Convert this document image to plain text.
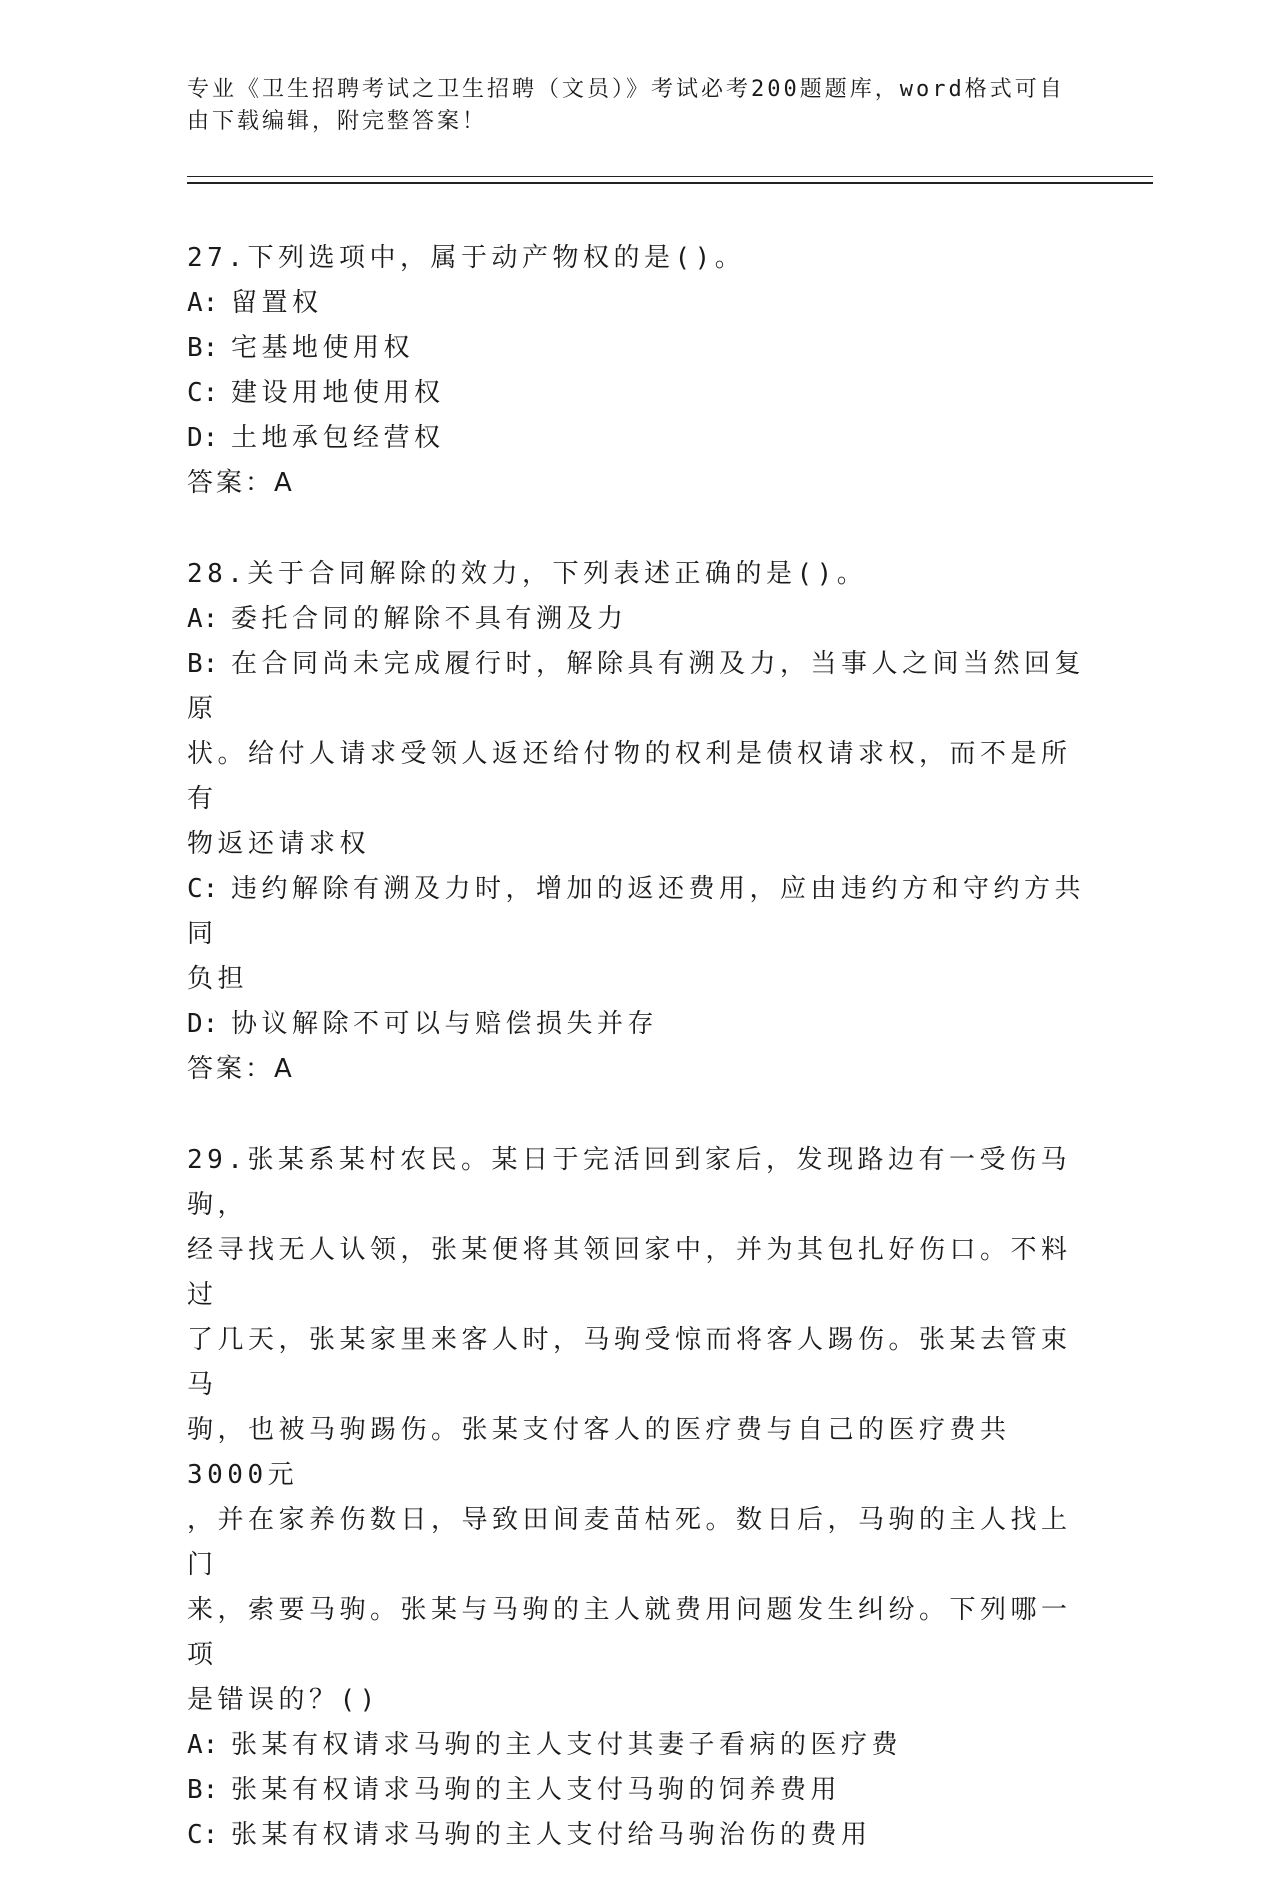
专业《卫生招聘考试之卫生招聘（文员）》考试必考200题题库，word格式可自
由下载编辑，附完整答案！
27.下列选项中，属于动产物权的是()。
A: 留置权
B: 宅基地使用权
C: 建设用地使用权
D: 土地承包经营权
答案：A
28.关于合同解除的效力，下列表述正确的是()。
A: 委托合同的解除不具有溯及力
B: 在合同尚未完成履行时，解除具有溯及力，当事人之间当然回复原
状。给付人请求受领人返还给付物的权利是债权请求权，而不是所有
物返还请求权
C: 违约解除有溯及力时，增加的返还费用，应由违约方和守约方共同
负担
D: 协议解除不可以与赔偿损失并存
答案：A
29.张某系某村农民。某日于完活回到家后，发现路边有一受伤马驹，
经寻找无人认领，张某便将其领回家中，并为其包扎好伤口。不料过
了几天，张某家里来客人时，马驹受惊而将客人踢伤。张某去管束马
驹，也被马驹踢伤。张某支付客人的医疗费与自己的医疗费共3000元
，并在家养伤数日，导致田间麦苗枯死。数日后，马驹的主人找上门
来，索要马驹。张某与马驹的主人就费用问题发生纠纷。下列哪一项
是错误的？()
A: 张某有权请求马驹的主人支付其妻子看病的医疗费
B: 张某有权请求马驹的主人支付马驹的饲养费用
C: 张某有权请求马驹的主人支付给马驹治伤的费用
